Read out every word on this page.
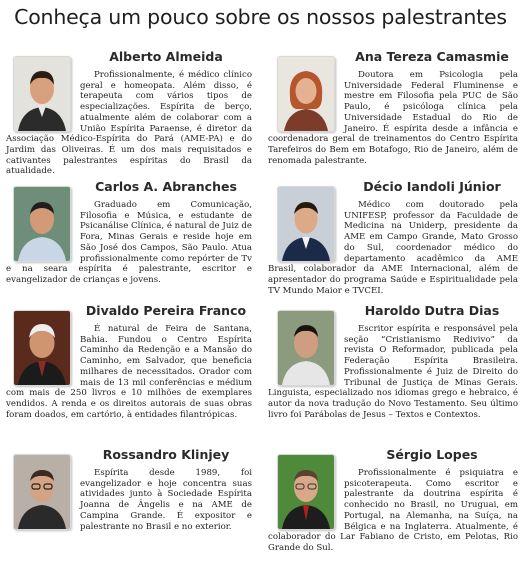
Conheça um pouco sobre os nossos palestrantes
Alberto Almeida

Profissionalmente, é médico clínico geral e homeopata. Além disso, é terapeuta com vários tipos de especializações. Espírita de berço, atualmente além de colaborar com a União Espírita Paraense, é diretor da Associação Médico-Espírita do Pará (AME-PA) e do Jardim das Oliveiras. É um dos mais requisitados e cativantes palestrantes espíritas do Brasil da atualidade.

Ana Tereza Camasmie

Doutora em Psicologia pela Universidade Federal Fluminense e mestre em Filosofia pela PUC de São Paulo, é psicóloga clínica pela Universidade Estadual do Rio de Janeiro. É espírita desde a infância e coordenadora geral de treinamentos do Centro Espírita Tarefeiros do Bem em Botafogo, Rio de Janeiro, além de renomada palestrante.

Carlos A. Abranches

Graduado em Comunicação, Filosofia e Música, e estudante de Psicanálise Clínica, é natural de Juiz de Fora, Minas Gerais e reside hoje em São José dos Campos, São Paulo. Atua profissionalmente como repórter de Tv e na seara espírita é palestrante, escritor e evangelizador de crianças e jovens.

Décio Iandoli Júnior

Médico com doutorado pela UNIFESP, professor da Faculdade de Medicina na Uniderp, presidente da AME em Campo Grande, Mato Grosso do Sul, coordenador médico do departamento acadêmico da AME Brasil, colaborador da AME Internacional, além de apresentador do programa Saúde e Espiritualidade pela TV Mundo Maior e TVCEI.

Divaldo Pereira Franco

É natural de Feira de Santana, Bahia. Fundou o Centro Espírita Caminho da Redenção e a Mansão do Caminho, em Salvador, que beneficia milhares de necessitados. Orador com mais de 13 mil conferências e médium com mais de 250 livros e 10 milhões de exemplares vendidos. A renda e os direitos autorais de suas obras foram doados, em cartório, à entidades filantrópicas.

Haroldo Dutra Dias

Escritor espírita e responsável pela seção “Cristianismo Redivivo” da revista O Reformador, publicada pela Federação Espírita Brasileira. Profissionalmente é Juiz de Direito do Tribunal de Justiça de Minas Gerais. Linguista, especializado nos idiomas grego e hebraico, é autor da nova tradução do Novo Testamento. Seu último livro foi Parábolas de Jesus – Textos e Contextos.

Rossandro Klinjey

Espírita desde 1989, foi evangelizador e hoje concentra suas atividades junto à Sociedade Espírita Joanna de Ângelis e na AME de Campina Grande. É expositor e palestrante no Brasil e no exterior.

Sérgio Lopes

Profissionalmente é psiquiatra e psicoterapeuta. Como escritor e palestrante da doutrina espírita é conhecido no Brasil, no Uruguai, em Portugal, na Alemanha, na Suíça, na Bélgica e na Inglaterra. Atualmente, é colaborador do Lar Fabiano de Cristo, em Pelotas, Rio Grande do Sul.
